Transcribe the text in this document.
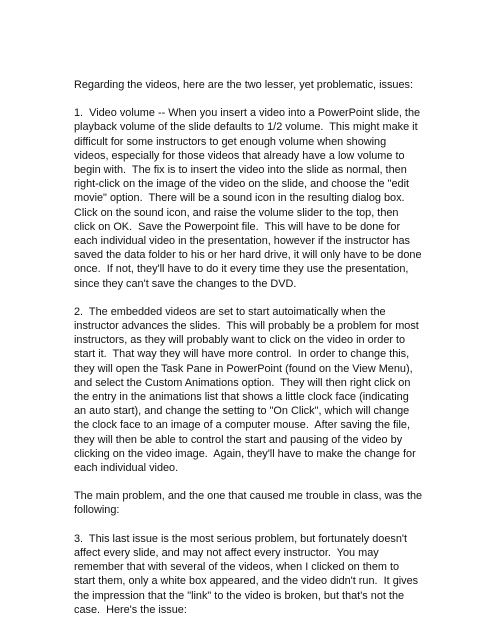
Regarding the videos, here are the two lesser, yet problematic, issues:

1.  Video volume -- When you insert a video into a PowerPoint slide, the
playback volume of the slide defaults to 1/2 volume.  This might make it
difficult for some instructors to get enough volume when showing
videos, especially for those videos that already have a low volume to
begin with.  The fix is to insert the video into the slide as normal, then
right-click on the image of the video on the slide, and choose the "edit
movie" option.  There will be a sound icon in the resulting dialog box.
Click on the sound icon, and raise the volume slider to the top, then
click on OK.  Save the Powerpoint file.  This will have to be done for
each individual video in the presentation, however if the instructor has
saved the data folder to his or her hard drive, it will only have to be done
once.  If not, they'll have to do it every time they use the presentation,
since they can't save the changes to the DVD.

2.  The embedded videos are set to start autoimatically when the
instructor advances the slides.  This will probably be a problem for most
instructors, as they will probably want to click on the video in order to
start it.  That way they will have more control.  In order to change this,
they will open the Task Pane in PowerPoint (found on the View Menu),
and select the Custom Animations option.  They will then right click on
the entry in the animations list that shows a little clock face (indicating
an auto start), and change the setting to "On Click", which will change
the clock face to an image of a computer mouse.  After saving the file,
they will then be able to control the start and pausing of the video by
clicking on the video image.  Again, they'll have to make the change for
each individual video.

The main problem, and the one that caused me trouble in class, was the
following:

3.  This last issue is the most serious problem, but fortunately doesn't
affect every slide, and may not affect every instructor.  You may
remember that with several of the videos, when I clicked on them to
start them, only a white box appeared, and the video didn't run.  It gives
the impression that the "link" to the video is broken, but that's not the
case.  Here's the issue:
